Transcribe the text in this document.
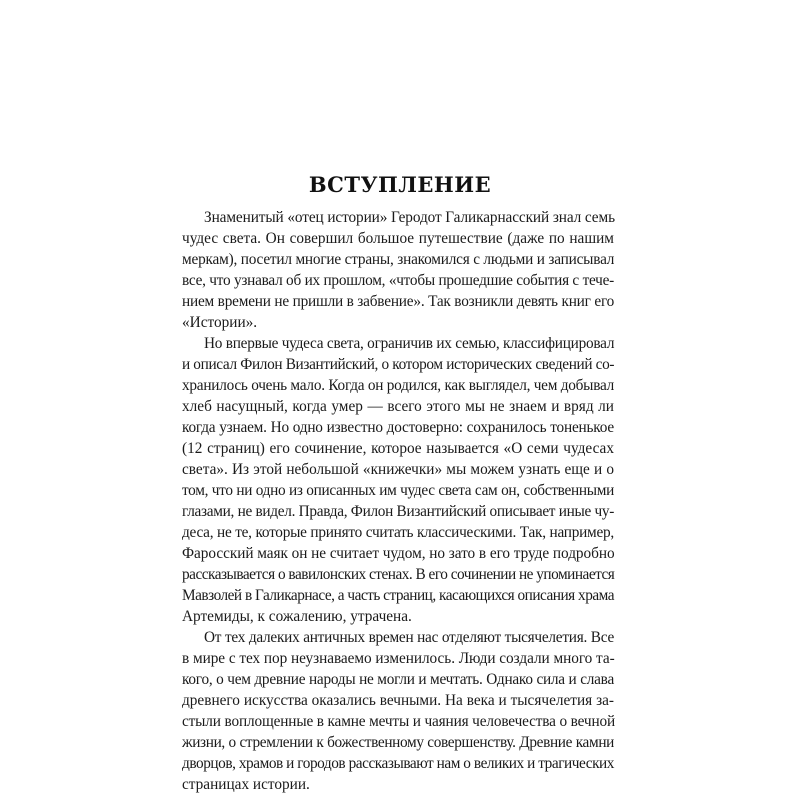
ВСТУПЛЕНИЕ
Знаменитый «отец истории» Геродот Галикарнасский знал семь
чудес света. Он совершил большое путешествие (даже по нашим
меркам), посетил многие страны, знакомился с людьми и записывал
все, что узнавал об их прошлом, «чтобы прошедшие события с тече-
нием времени не пришли в забвение». Так возникли девять книг его
«Истории».
Но впервые чудеса света, ограничив их семью, классифицировал
и описал Филон Византийский, о котором исторических сведений со-
хранилось очень мало. Когда он родился, как выглядел, чем добывал
хлеб насущный, когда умер — всего этого мы не знаем и вряд ли
когда узнаем. Но одно известно достоверно: сохранилось тоненькое
(12 страниц) его сочинение, которое называется «О семи чудесах
света». Из этой небольшой «книжечки» мы можем узнать еще и о
том, что ни одно из описанных им чудес света сам он, собственными
глазами, не видел. Правда, Филон Византийский описывает иные чу-
деса, не те, которые принято считать классическими. Так, например,
Фаросский маяк он не считает чудом, но зато в его труде подробно
рассказывается о вавилонских стенах. В его сочинении не упоминается
Мавзолей в Галикарнасе, а часть страниц, касающихся описания храма
Артемиды, к сожалению, утрачена.
От тех далеких античных времен нас отделяют тысячелетия. Все
в мире с тех пор неузнаваемо изменилось. Люди создали много та-
кого, о чем древние народы не могли и мечтать. Однако сила и слава
древнего искусства оказались вечными. На века и тысячелетия за-
стыли воплощенные в камне мечты и чаяния человечества о вечной
жизни, о стремлении к божественному совершенству. Древние камни
дворцов, храмов и городов рассказывают нам о великих и трагических
страницах истории.
